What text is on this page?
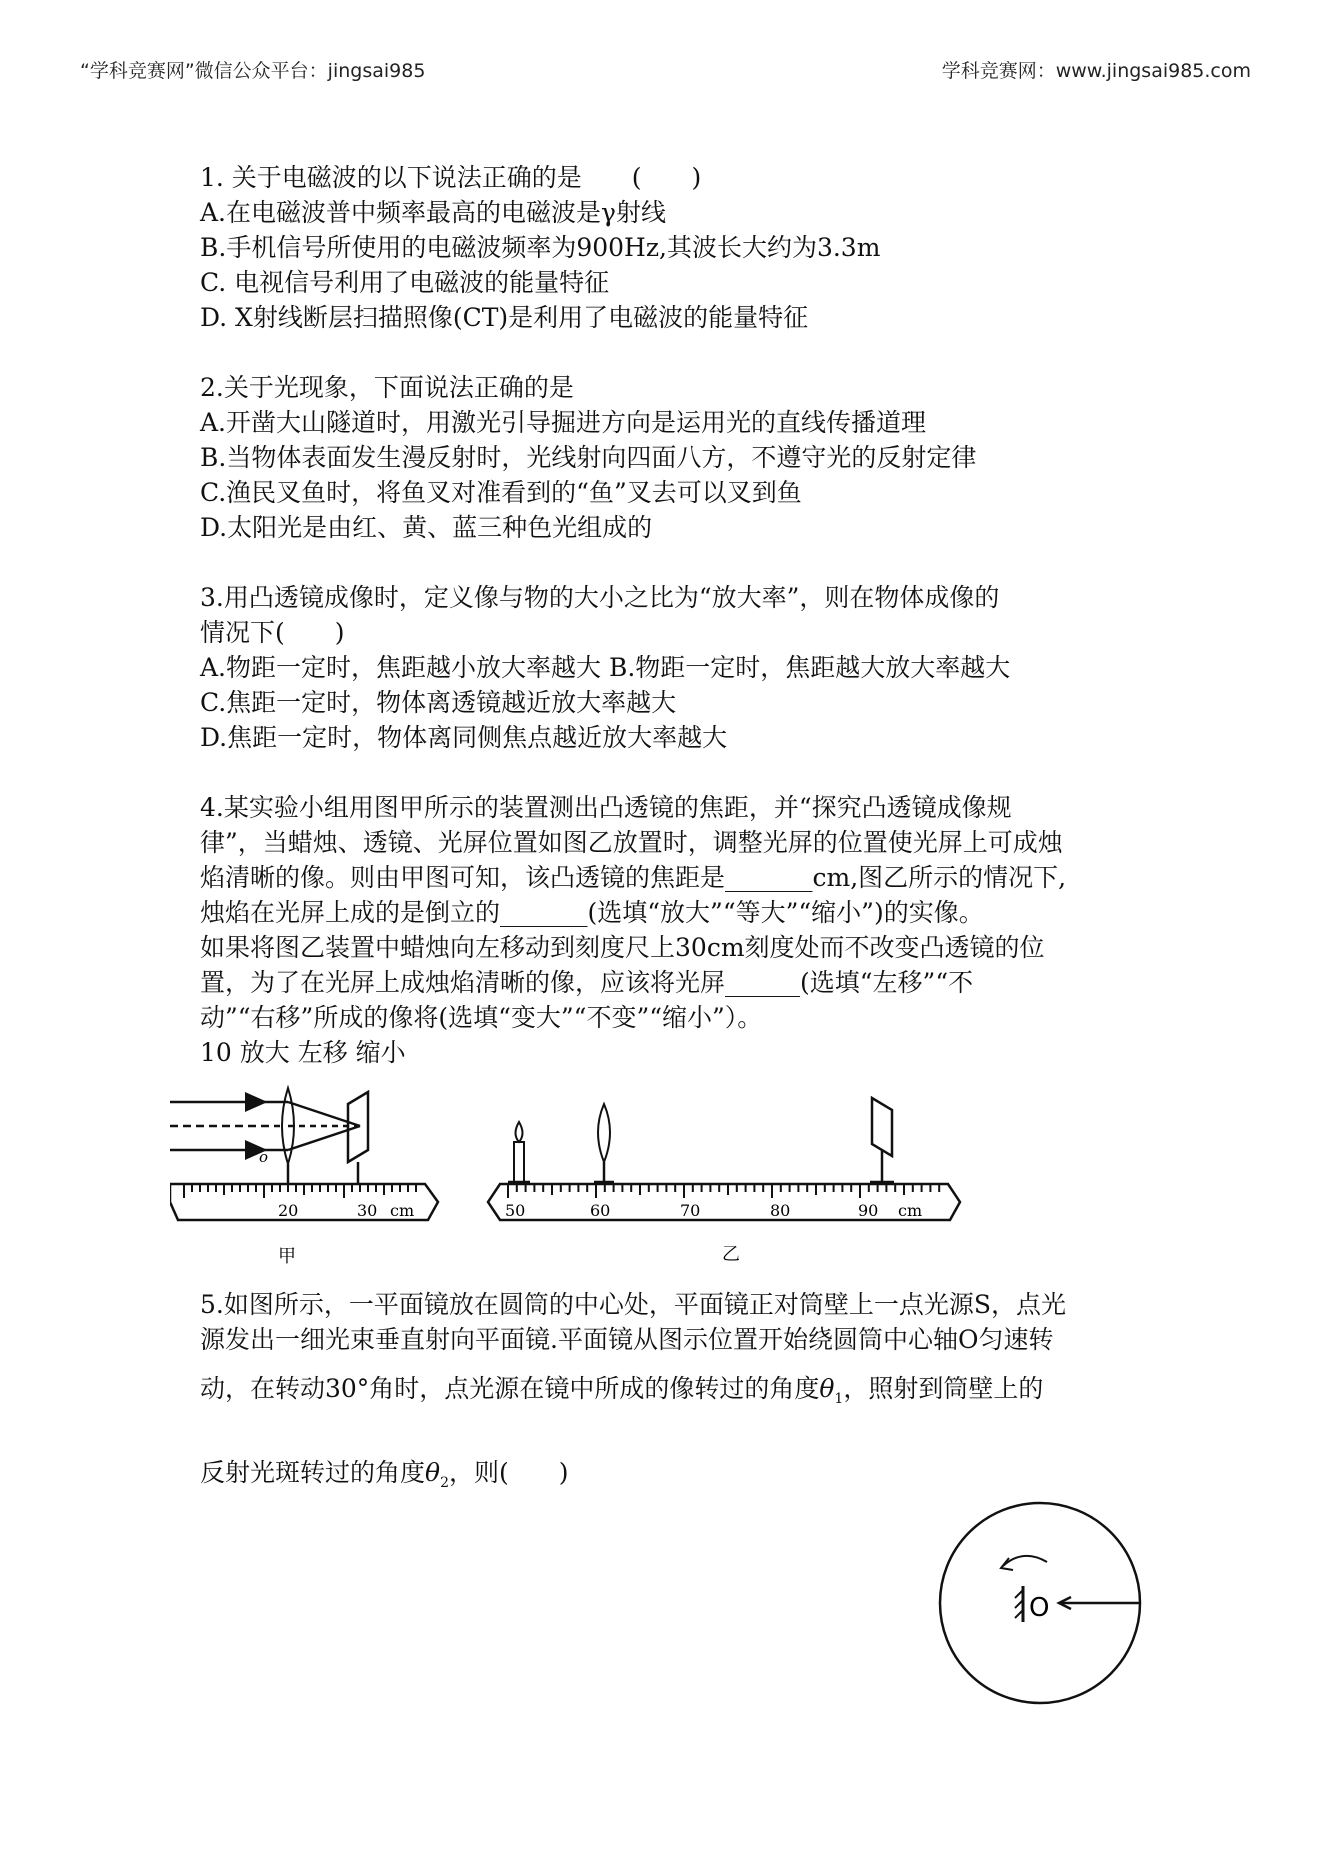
“学科竞赛网”微信公众平台：jingsai985	学科竞赛网：www.jingsai985.com
1. 关于电磁波的以下说法正确的是　　(　　)
A.在电磁波普中频率最高的电磁波是γ射线
B.手机信号所使用的电磁波频率为900Hz,其波长大约为3.3m
C. 电视信号利用了电磁波的能量特征
D. X射线断层扫描照像(CT)是利用了电磁波的能量特征
2.关于光现象，下面说法正确的是
A.开凿大山隧道时，用激光引导掘进方向是运用光的直线传播道理
B.当物体表面发生漫反射时，光线射向四面八方，不遵守光的反射定律
C.渔民叉鱼时，将鱼叉对准看到的“鱼”叉去可以叉到鱼
D.太阳光是由红、黄、蓝三种色光组成的
3.用凸透镜成像时，定义像与物的大小之比为“放大率”，则在物体成像的
情况下(　　)
A.物距一定时，焦距越小放大率越大 B.物距一定时，焦距越大放大率越大
C.焦距一定时，物体离透镜越近放大率越大
D.焦距一定时，物体离同侧焦点越近放大率越大
4.某实验小组用图甲所示的装置测出凸透镜的焦距，并“探究凸透镜成像规
律”，当蜡烛、透镜、光屏位置如图乙放置时，调整光屏的位置使光屏上可成烛
焰清晰的像。则由甲图可知，该凸透镜的焦距是_______cm,图乙所示的情况下,
烛焰在光屏上成的是倒立的_______(选填“放大”“等大”“缩小”)的实像。
如果将图乙装置中蜡烛向左移动到刻度尺上30cm刻度处而不改变凸透镜的位
置，为了在光屏上成烛焰清晰的像，应该将光屏______(选填“左移”“不
动”“右移”所成的像将(选填“变大”“不变”“缩小”）。
10 放大 左移 缩小
o
20	30 cm
甲
50	60	70	80	90 cm
乙
5.如图所示，一平面镜放在圆筒的中心处，平面镜正对筒壁上一点光源S，点光
源发出一细光束垂直射向平面镜.平面镜从图示位置开始绕圆筒中心轴O匀速转
动，在转动30°角时，点光源在镜中所成的像转过的角度$\theta_1$，照射到筒壁上的
反射光斑转过的角度$\theta_2$，则(　　)
O
